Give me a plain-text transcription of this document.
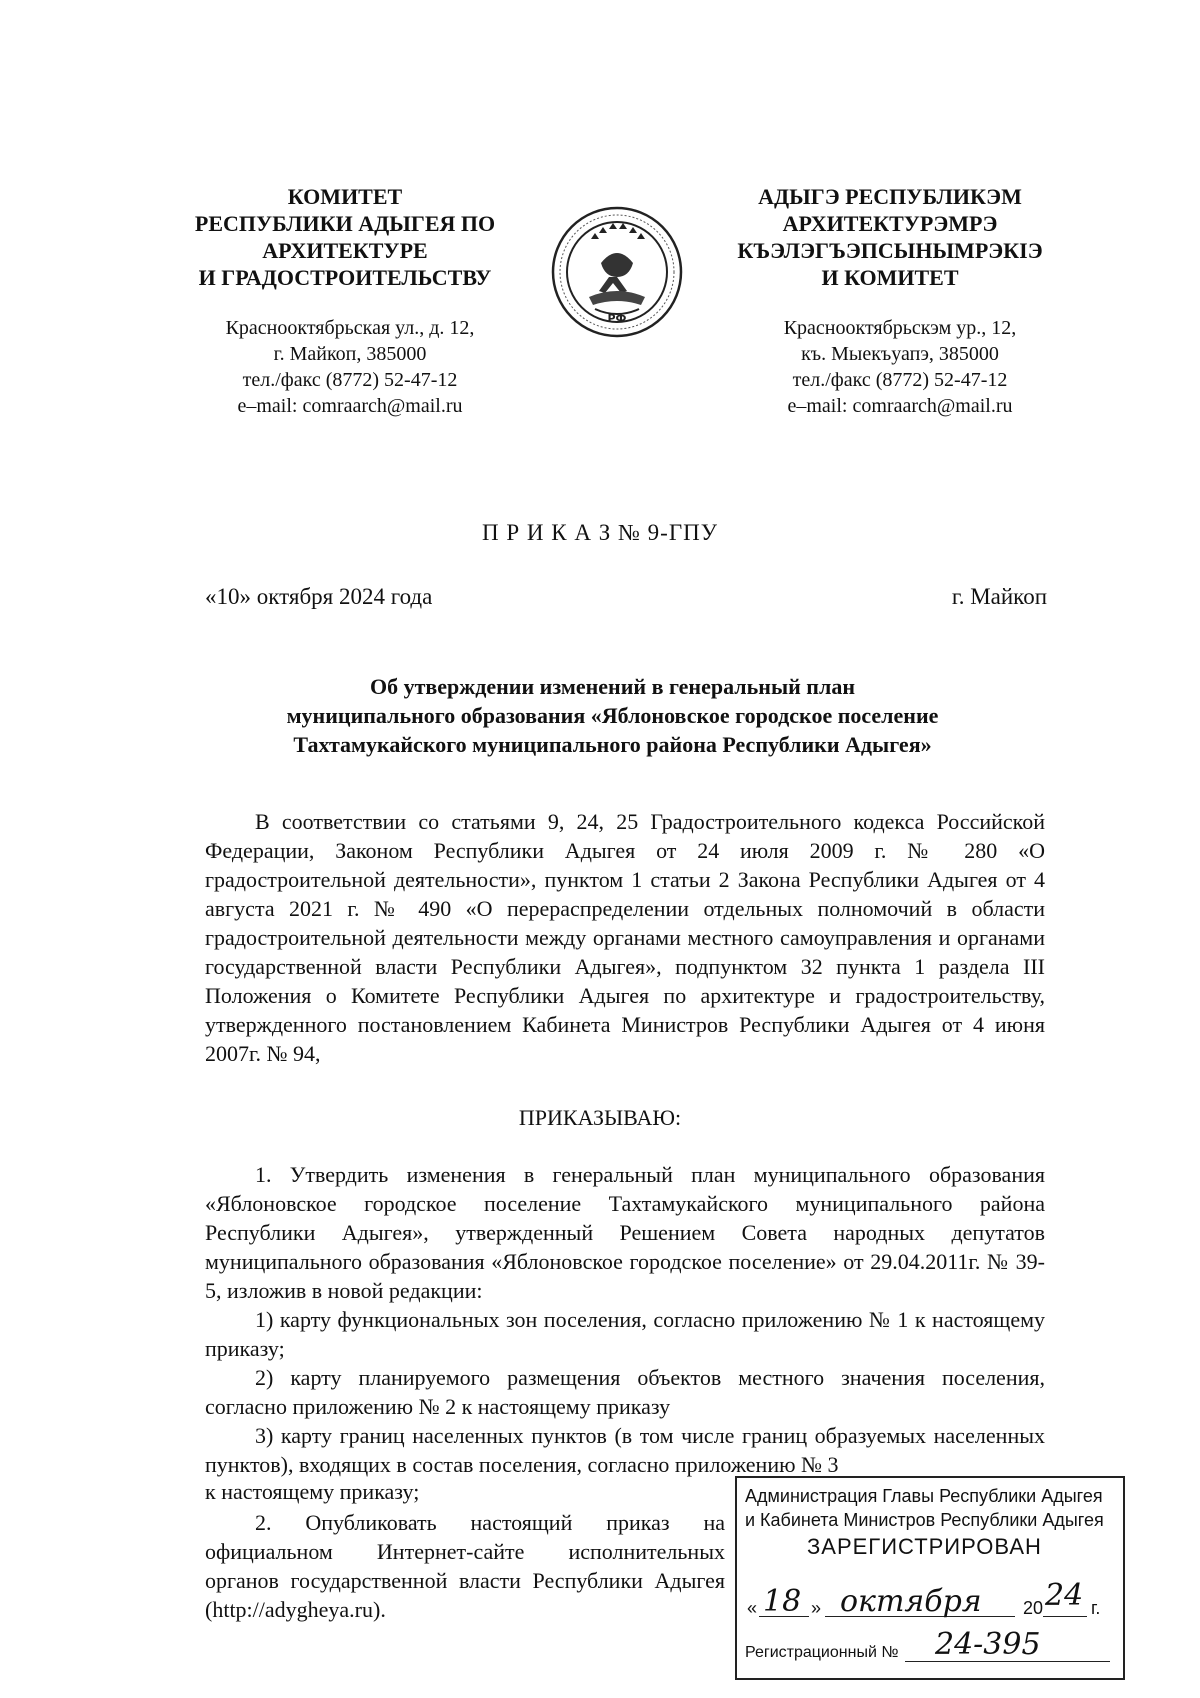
КОМИТЕТ
РЕСПУБЛИКИ АДЫГЕЯ ПО
АРХИТЕКТУРЕ
И ГРАДОСТРОИТЕЛЬСТВУ
Краснооктябрьская ул., д. 12,
г. Майкоп, 385000
тел./факс (8772) 52-47-12
e–mail: comraarch@mail.ru
РФ
АДЫГЭ РЕСПУБЛИКЭМ
АРХИТЕКТУРЭМРЭ
КЪЭЛЭГЪЭПСЫНЫМРЭКIЭ
И КОМИТЕТ
Краснооктябрьскэм ур., 12,
къ. Мыекъуапэ, 385000
тел./факс (8772) 52-47-12
e–mail: comraarch@mail.ru
П Р И К А З № 9-ГПУ
«10» октября 2024 года	г. Майкоп
Об утверждении изменений в генеральный план
муниципального образования «Яблоновское городское поселение
Тахтамукайского муниципального района Республики Адыгея»
В соответствии со статьями 9, 24, 25 Градостроительного кодекса Российской Федерации, Законом Республики Адыгея от 24 июля 2009 г. № 280 «О градостроительной деятельности», пунктом 1 статьи 2 Закона Республики Адыгея от 4 августа 2021 г. № 490 «О перераспределении отдельных полномочий в области градостроительной деятельности между органами местного самоуправления и органами государственной власти Республики Адыгея», подпунктом 32 пункта 1 раздела III Положения о Комитете Республики Адыгея по архитектуре и градостроительству, утвержденного постановлением Кабинета Министров Республики Адыгея от 4 июня 2007г. № 94,
ПРИКАЗЫВАЮ:
1. Утвердить изменения в генеральный план муниципального образования «Яблоновское городское поселение Тахтамукайского муниципального района Республики Адыгея», утвержденный Решением Совета народных депутатов муниципального образования «Яблоновское городское поселение» от 29.04.2011г. № 39-5, изложив в новой редакции:
1) карту функциональных зон поселения, согласно приложению № 1 к настоящему приказу;
2) карту планируемого размещения объектов местного значения поселения, согласно приложению № 2 к настоящему приказу
3) карту границ населенных пунктов (в том числе границ образуемых населенных пунктов), входящих в состав поселения, согласно приложению № 3
к настоящему приказу;
2. Опубликовать настоящий приказ на официальном Интернет-сайте исполнительных органов государственной власти Республики Адыгея (http://adygheya.ru).
Администрация Главы Республики Адыгея
и Кабинета Министров Республики Адыгея
ЗАРЕГИСТРИРОВАН
« 18 » октября 20 24 г.
Регистрационный № 24-395
